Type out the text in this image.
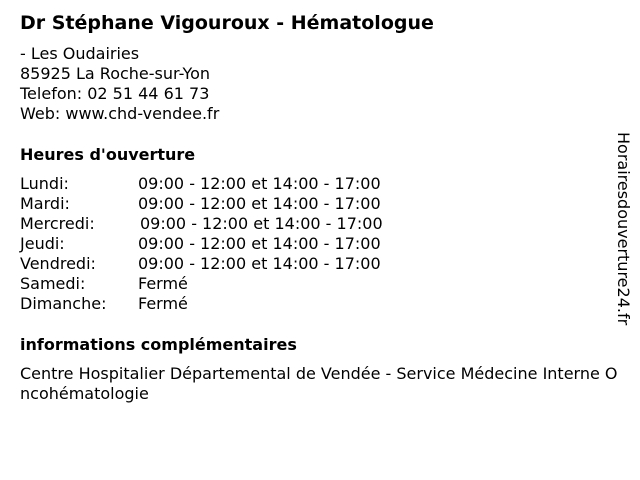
Dr Stéphane Vigouroux - Hématologue
- Les Oudairies
85925 La Roche-sur-Yon
Telefon: 02 51 44 61 73
Web: www.chd-vendee.fr
Heures d'ouverture
Lundi:	09:00 - 12:00 et 14:00 - 17:00
Mardi:	09:00 - 12:00 et 14:00 - 17:00
Mercredi:	09:00 - 12:00 et 14:00 - 17:00
Jeudi:	09:00 - 12:00 et 14:00 - 17:00
Vendredi:	09:00 - 12:00 et 14:00 - 17:00
Samedi:	Fermé
Dimanche: Fermé
informations complémentaires
Centre Hospitalier Départemental de Vendée - Service Médecine Interne Oncohématologie
Horairesdouverture24.fr
